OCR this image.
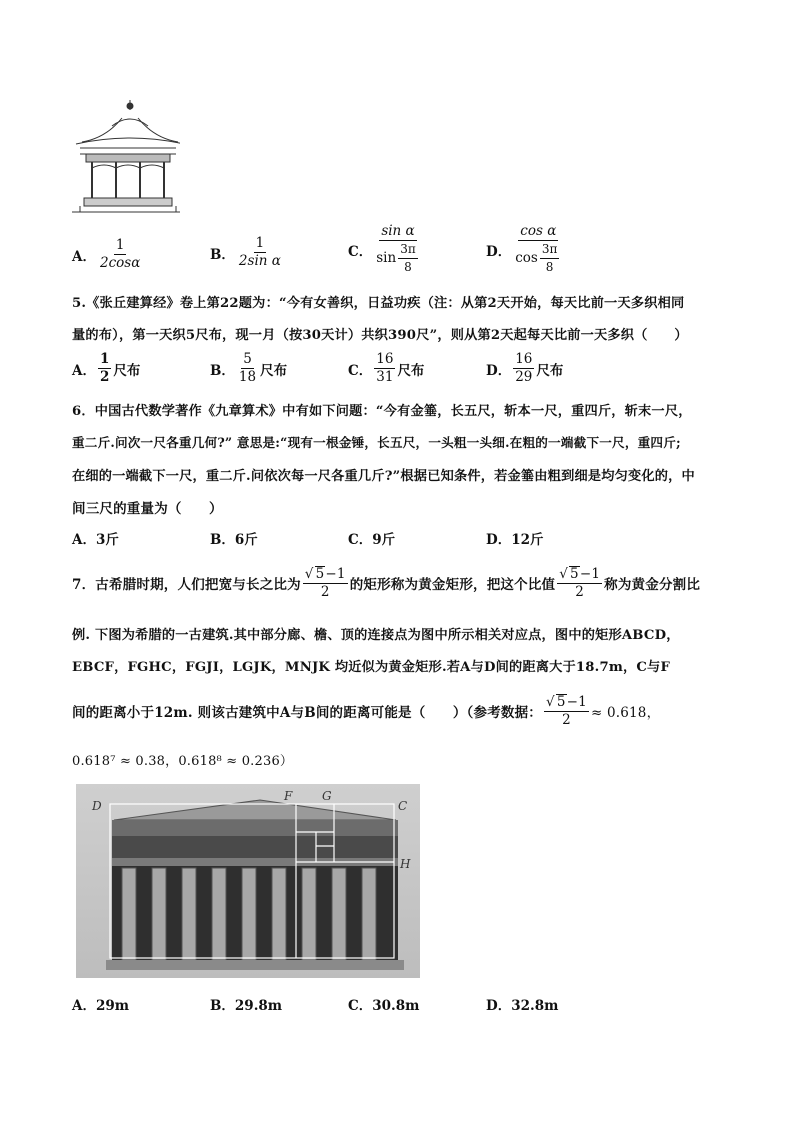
A． $\frac{1}{2\cos\alpha}$	B． $\frac{1}{\text{2sin α}}$	C． $\frac{\text{sin α}}{\sin \frac{3\pi}{8}}$	D． $\frac{\text{cos α}}{\cos \frac{3\pi}{8}}$
5.《张丘建算经》卷上第22题为：“今有女善织，日益功疾（注：从第2天开始，每天比前一天多织相同
量的布），第一天织5尺布，现一月（按30天计）共织390尺”，则从第2天起每天比前一天多织（　　）
A． $\frac{1}{2}$ 尺布	B． $\frac{5}{18}$ 尺布	C． $\frac{16}{31}$ 尺布	D． $\frac{16}{29}$ 尺布
6．中国古代数学著作《九章算术》中有如下问题：“今有金箠，长五尺，斩本一尺，重四斤，斩末一尺，
重二斤.问次一尺各重几何?” 意思是:“现有一根金锤，长五尺，一头粗一头细.在粗的一端截下一尺，重四斤;
在细的一端截下一尺，重二斤.问依次每一尺各重几斤?”根据已知条件，若金箠由粗到细是均匀变化的，中
间三尺的重量为（　　）
A．3斤	B．6斤	C．9斤	D．12斤
7．古希腊时期，人们把宽与长之比为 $\frac{√ 5-1}{2}$ 的矩形称为黄金矩形，把这个比值 $\frac{√ 5-1}{2}$ 称为黄金分割比
例. 下图为希腊的一古建筑.其中部分廊、檐、顶的连接点为图中所示相关对应点，图中的矩形ABCD，
EBCF，FGHC，FGJI，LGJK，MNJK 均近似为黄金矩形.若A与D间的距离大于18.7m，C与F
间的距离小于12m. 则该古建筑中A与B间的距离可能是（　　）（参考数据： $\frac{√ 5-1}{2} \approx 0.618$，
0.618⁷ ≈ 0.38，0.618⁸ ≈ 0.236）
D
F G
C
H
A．29m	B．29.8m	C．30.8m	D．32.8m
